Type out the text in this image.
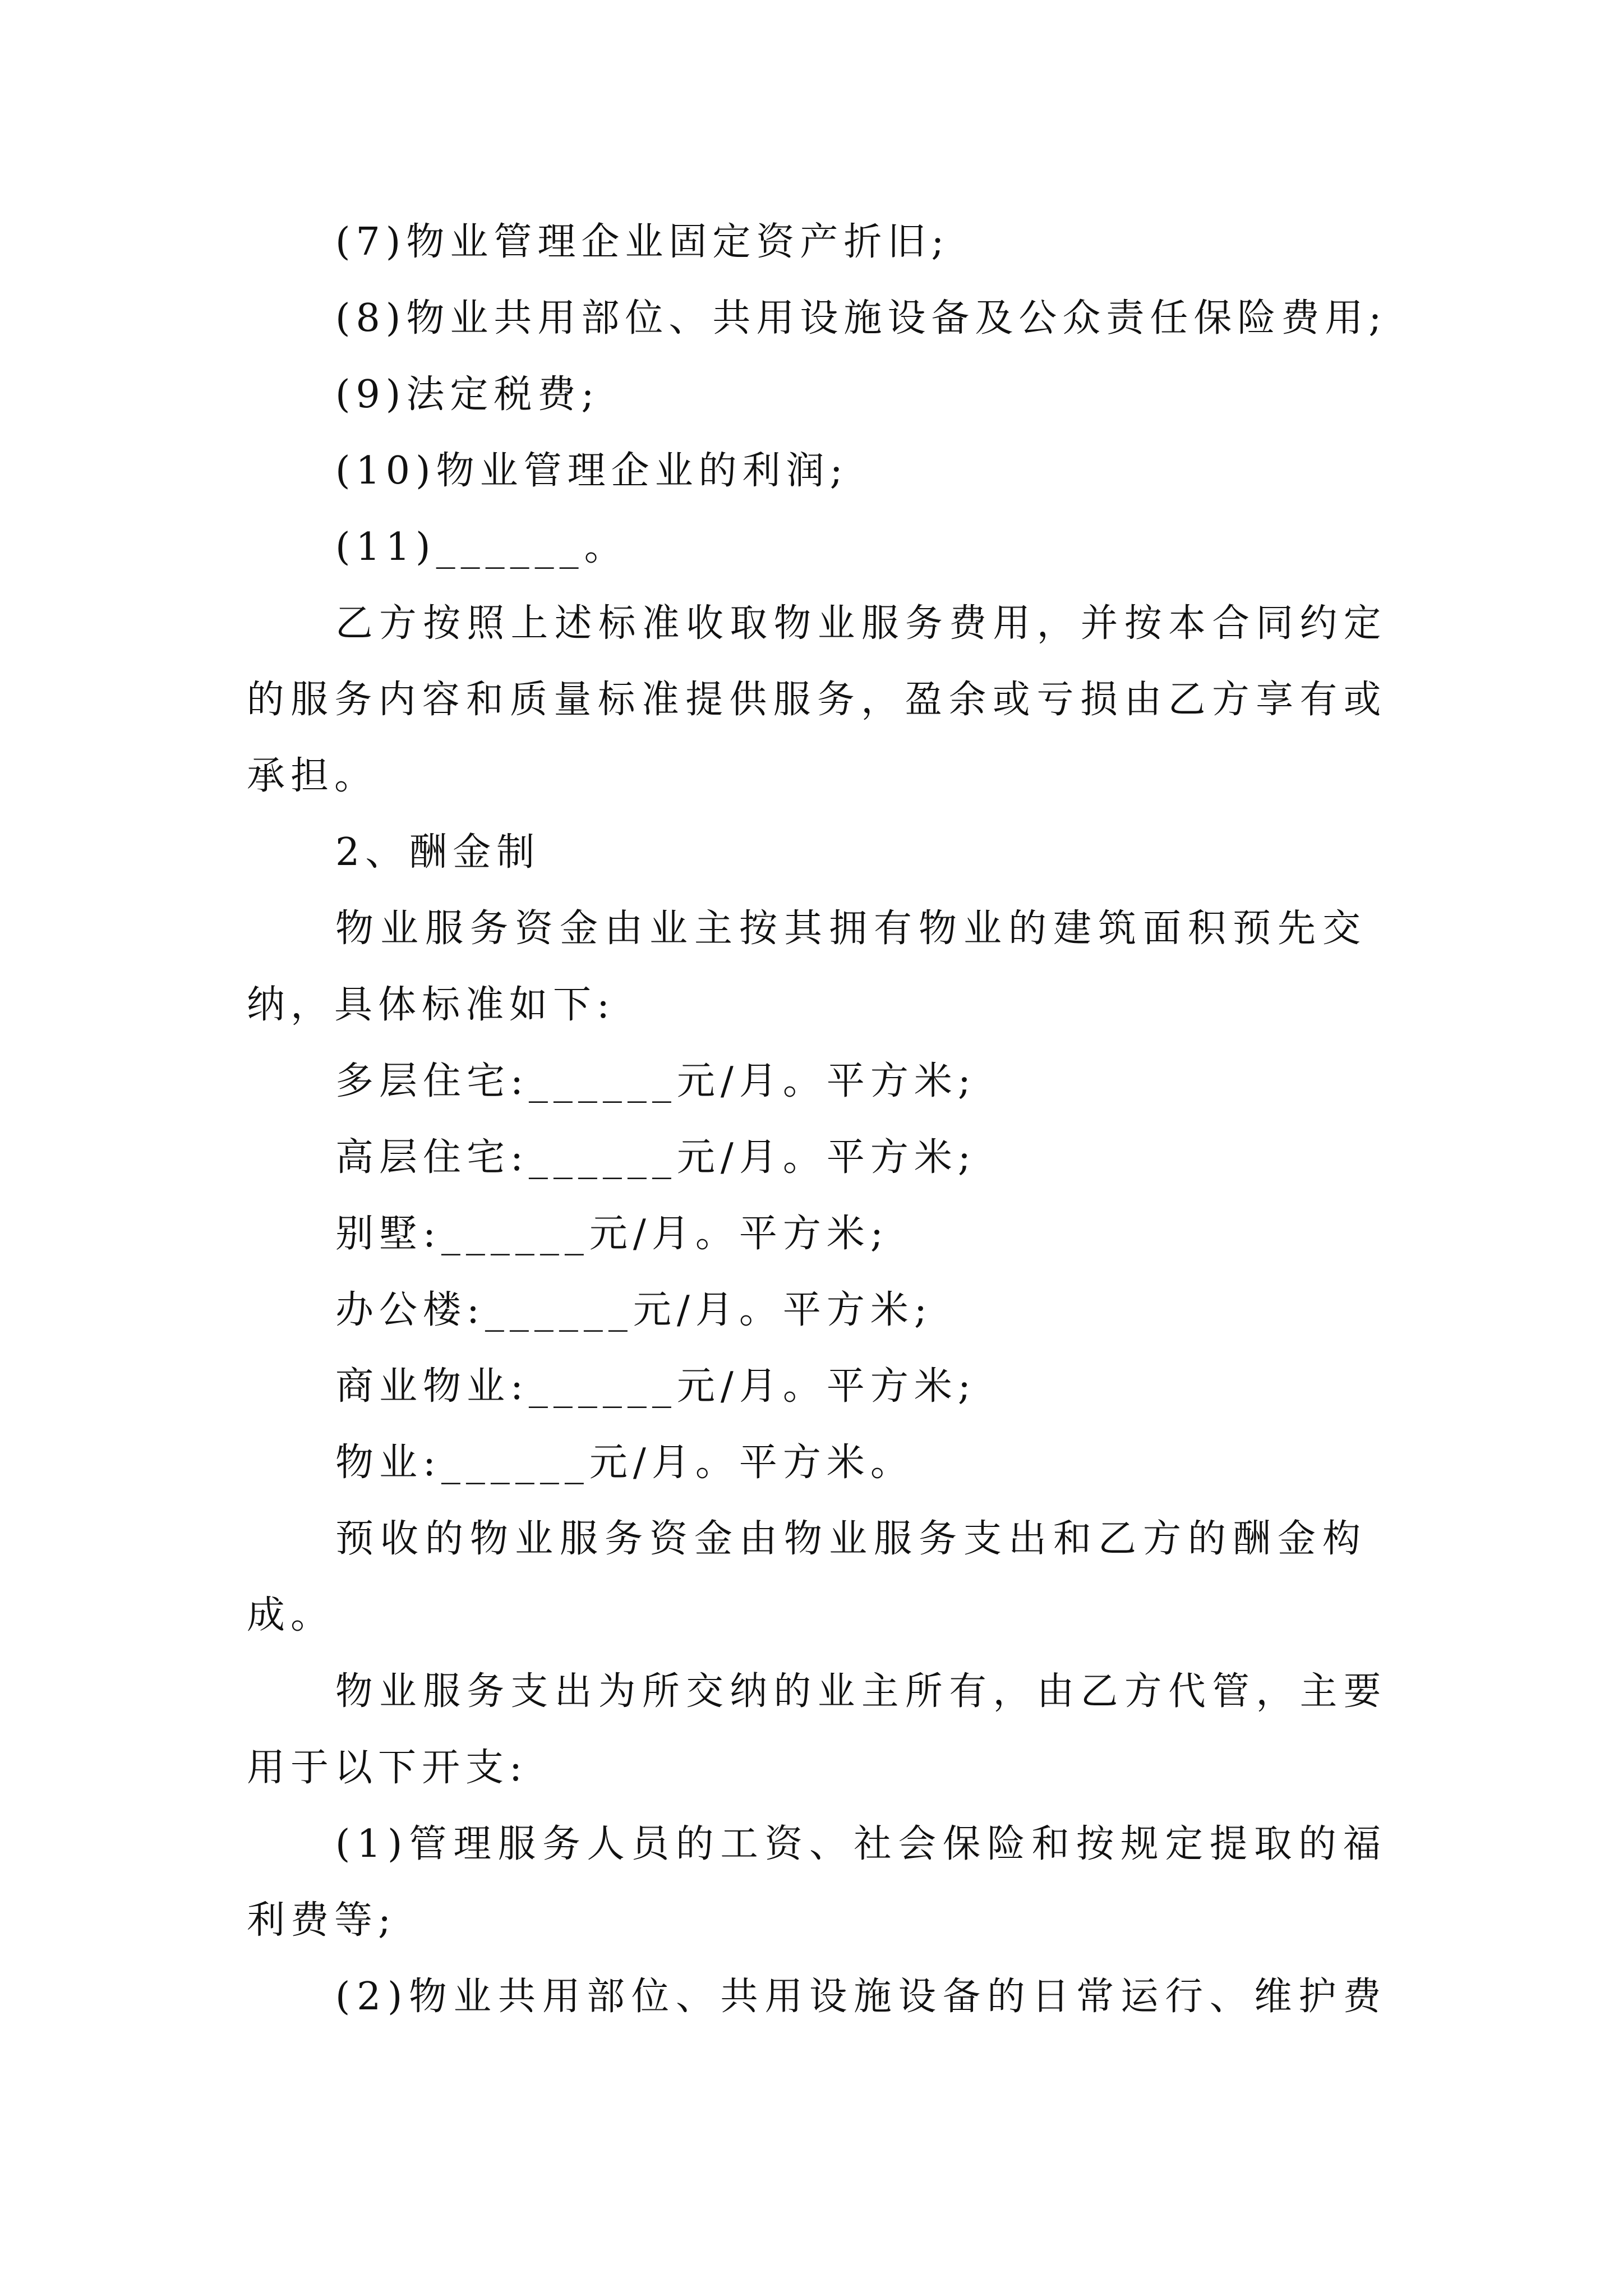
(7)物业管理企业固定资产折旧;
(8)物业共用部位、共用设施设备及公众责任保险费用;
(9)法定税费;
(10)物业管理企业的利润;
(11)______。
乙方按照上述标准收取物业服务费用，并按本合同约定
的服务内容和质量标准提供服务，盈余或亏损由乙方享有或
承担。
2、酬金制
物业服务资金由业主按其拥有物业的建筑面积预先交
纳，具体标准如下:
多层住宅:______元/月。平方米;
高层住宅:______元/月。平方米;
别墅:______元/月。平方米;
办公楼:______元/月。平方米;
商业物业:______元/月。平方米;
物业:______元/月。平方米。
预收的物业服务资金由物业服务支出和乙方的酬金构
成。
物业服务支出为所交纳的业主所有，由乙方代管，主要
用于以下开支:
(1)管理服务人员的工资、社会保险和按规定提取的福
利费等;
(2)物业共用部位、共用设施设备的日常运行、维护费
